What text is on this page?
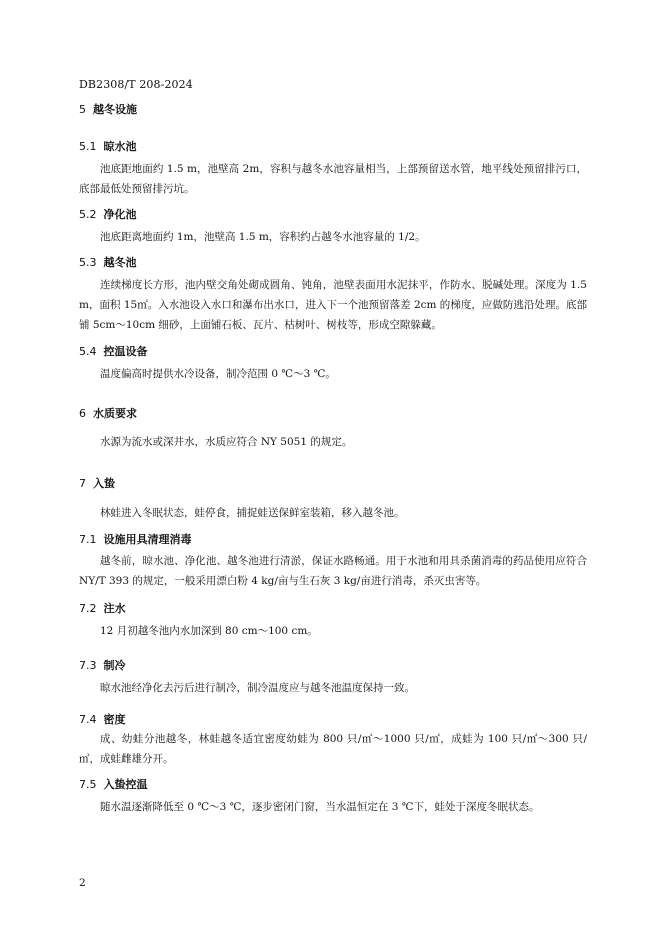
DB2308/T 208-2024
5 越冬设施
5.1 晾水池

池底距地面约 1.5 m，池壁高 2m，容积与越冬水池容量相当，上部预留送水管，地平线处预留排污口，底部最低处预留排污坑。

5.2 净化池

池底距离地面约 1m，池壁高 1.5 m，容积约占越冬水池容量的 1/2。

5.3 越冬池

连续梯度长方形，池内壁交角处砌成圆角、钝角，池壁表面用水泥抹平，作防水、脱碱处理。深度为 1.5 m，面积 15㎡。入水池设入水口和瀑布出水口，进入下一个池预留落差 2cm 的梯度，应做防逃沿处理。底部铺 5cm～10cm 细砂，上面铺石板、瓦片、枯树叶、树枝等，形成空隙躲藏。

5.4 控温设备

温度偏高时提供水冷设备，制冷范围 0 ℃～3 ℃。

6 水质要求

水源为流水或深井水，水质应符合 NY 5051 的规定。

7 入蛰

林蛙进入冬眠状态，蛙停食，捕捉蛙送保鲜室装箱，移入越冬池。

7.1 设施用具清理消毒

越冬前，晾水池、净化池、越冬池进行清淤，保证水路畅通。用于水池和用具杀菌消毒的药品使用应符合 NY/T 393 的规定，一般采用漂白粉 4 kg/亩与生石灰 3 kg/亩进行消毒，杀灭虫害等。

7.2 注水

12 月初越冬池内水加深到 80 cm～100 cm。

7.3 制冷

晾水池经净化去污后进行制冷，制冷温度应与越冬池温度保持一致。

7.4 密度

成、幼蛙分池越冬，林蛙越冬适宜密度幼蛙为 800 只/㎡～1000 只/㎡，成蛙为 100 只/㎡～300 只/㎡，成蛙雌雄分开。

7.5 入蛰控温

随水温逐渐降低至 0 ℃～3 ℃，逐步密闭门窗，当水温恒定在 3 ℃下，蛙处于深度冬眠状态。

2
